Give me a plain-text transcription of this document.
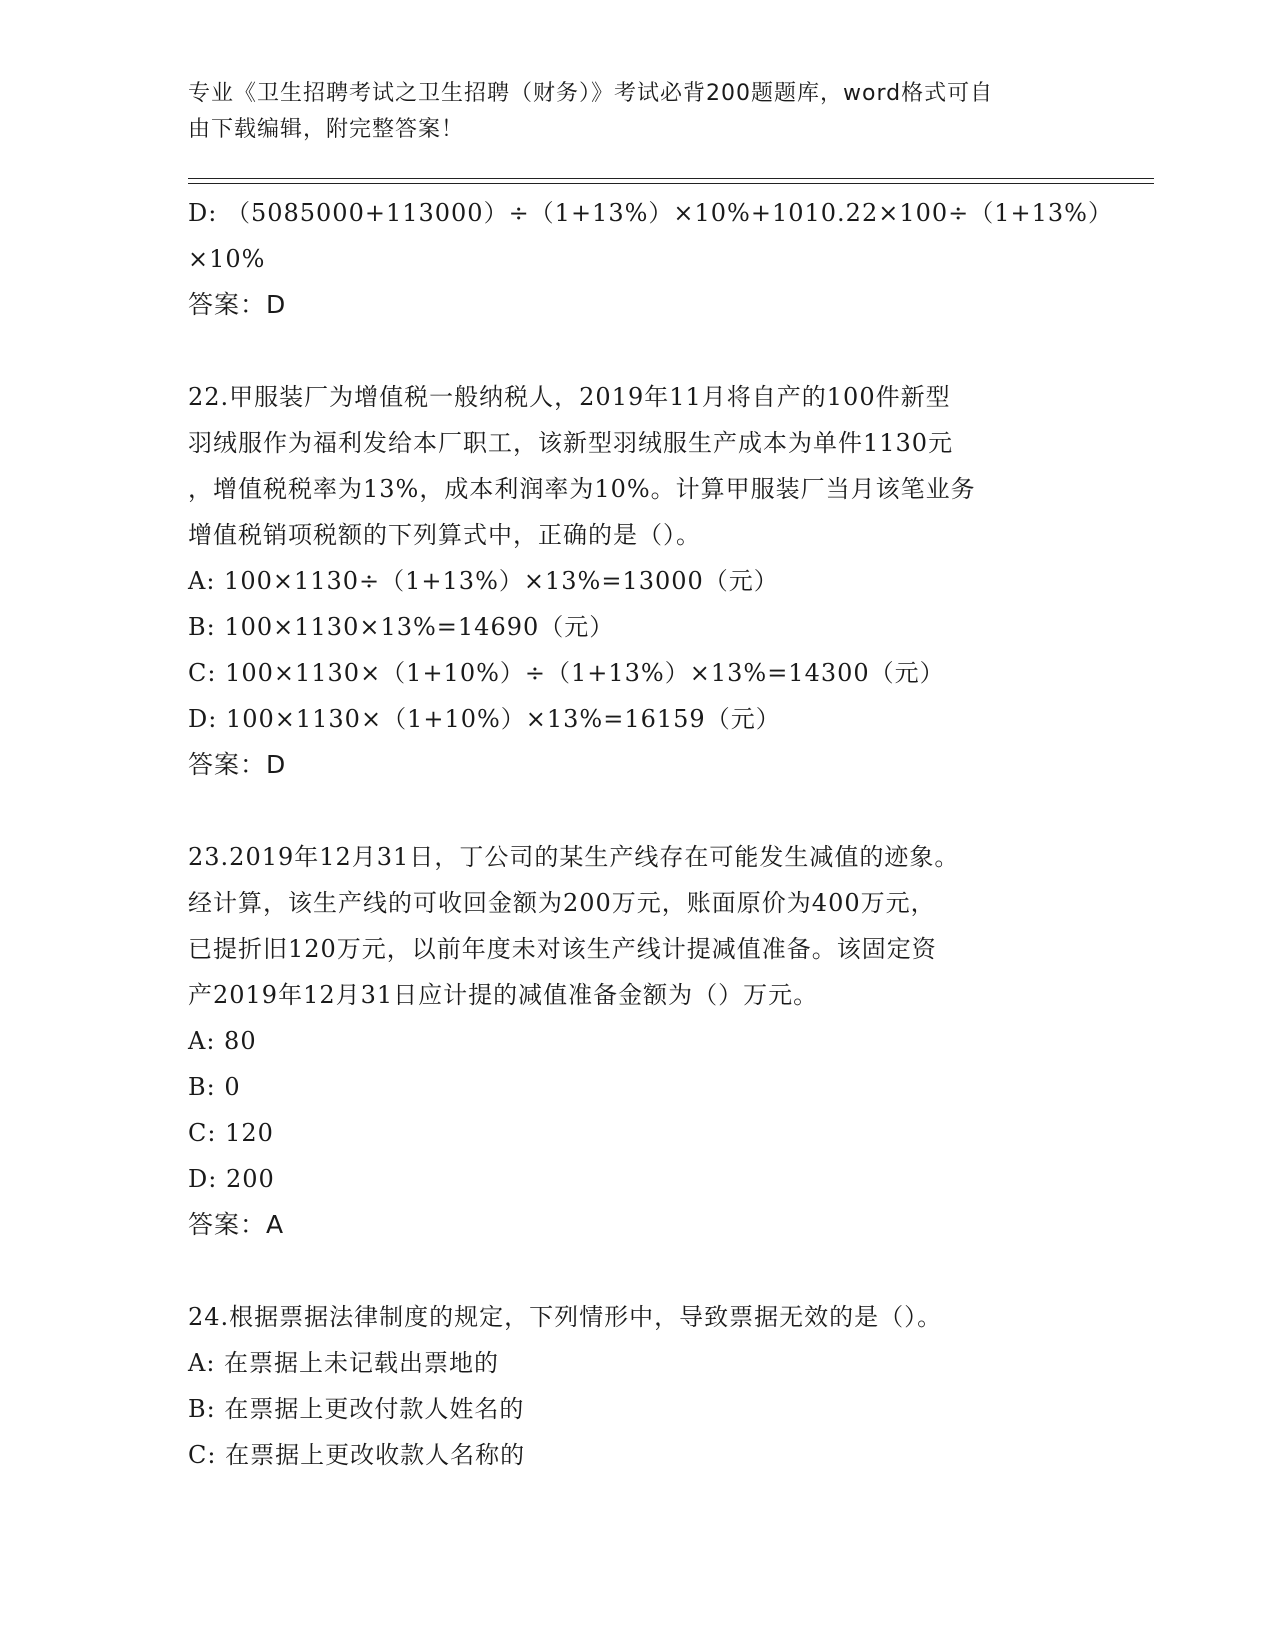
专业《卫生招聘考试之卫生招聘（财务）》考试必背200题题库，word格式可自
由下载编辑，附完整答案！
D: （5085000+113000）÷（1+13%）×10%+1010.22×100÷（1+13%）
×10%
答案：D
22.甲服装厂为增值税一般纳税人，2019年11月将自产的100件新型
羽绒服作为福利发给本厂职工，该新型羽绒服生产成本为单件1130元
，增值税税率为13%，成本利润率为10%。计算甲服装厂当月该笔业务
增值税销项税额的下列算式中，正确的是（）。
A: 100×1130÷（1+13%）×13%=13000（元）
B: 100×1130×13%=14690（元）
C: 100×1130×（1+10%）÷（1+13%）×13%=14300（元）
D: 100×1130×（1+10%）×13%=16159（元）
答案：D
23.2019年12月31日，丁公司的某生产线存在可能发生减值的迹象。
经计算，该生产线的可收回金额为200万元，账面原价为400万元，
已提折旧120万元，以前年度未对该生产线计提减值准备。该固定资
产2019年12月31日应计提的减值准备金额为（）万元。
A: 80
B: 0
C: 120
D: 200
答案：A
24.根据票据法律制度的规定，下列情形中，导致票据无效的是（）。
A: 在票据上未记载出票地的
B: 在票据上更改付款人姓名的
C: 在票据上更改收款人名称的
